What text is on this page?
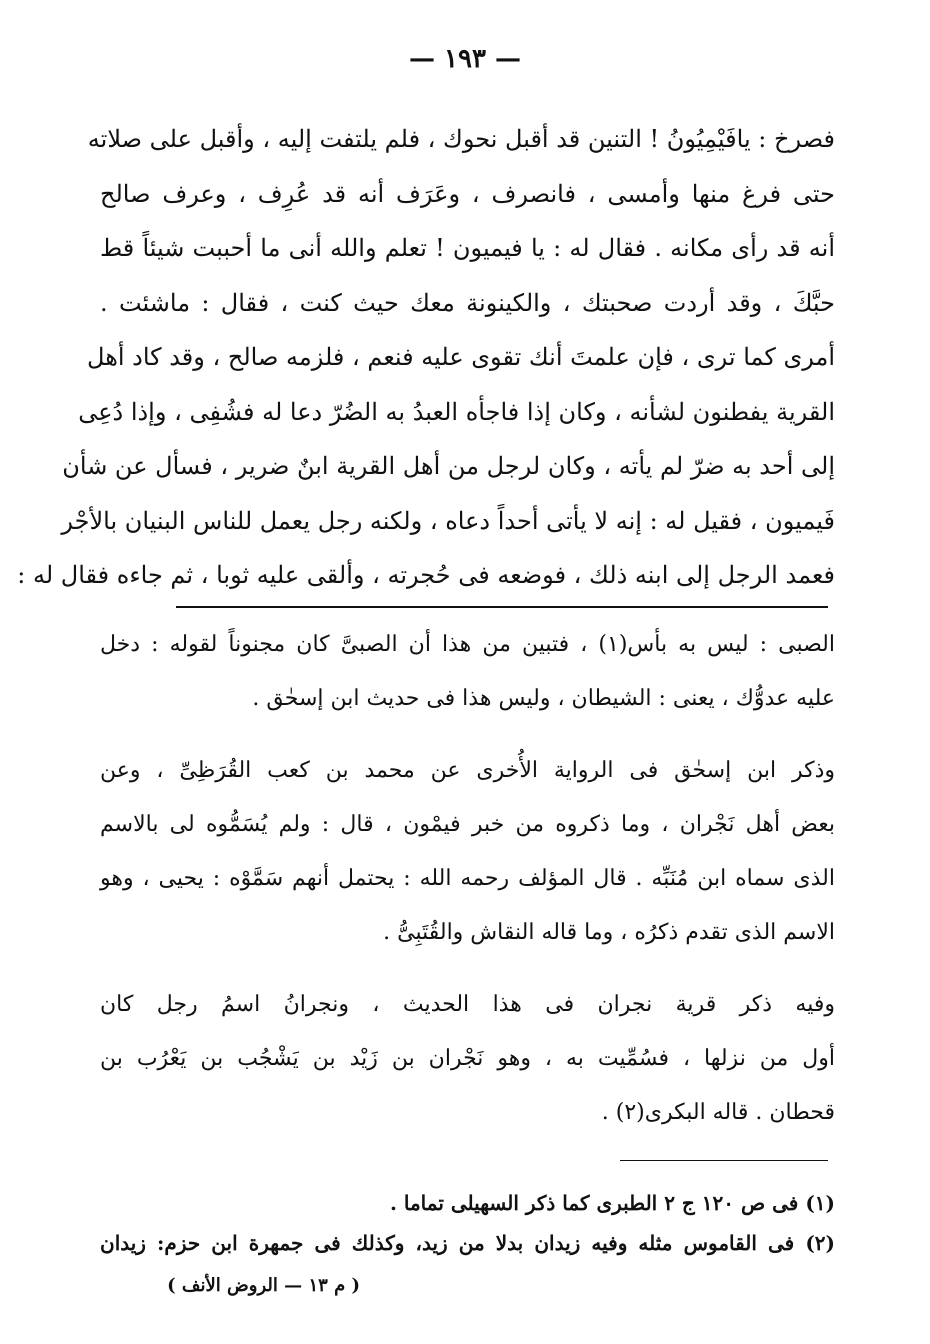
— ١٩٣ —
فصرخ : يافَيْمِيُونُ ! التنين قد أقبل نحوك ، فلم يلتفت إليه ، وأقبل على صلاته
حتى فرغ منها وأمسى ، فانصرف ، وعَرَف أنه قد عُرِف ، وعرف صالح
أنه قد رأى مكانه . فقال له : يا فيميون ! تعلم والله أنى ما أحببت شيئاً قط
حبَّكَ ، وقد أردت صحبتك ، والكينونة معك حيث كنت ، فقال : ماشئت .
أمرى كما ترى ، فإن علمتَ أنك تقوى عليه فنعم ، فلزمه صالح ، وقد كاد أهل
القرية يفطنون لشأنه ، وكان إذا فاجأه العبدُ به الضُرّ دعا له فشُفِى ، وإذا دُعِى
إلى أحد به ضرّ لم يأته ، وكان لرجل من أهل القرية ابنٌ ضرير ، فسأل عن شأن
فَيميون ، فقيل له : إنه لا يأتى أحداً دعاه ، ولكنه رجل يعمل للناس البنيان بالأجْر
فعمد الرجل إلى ابنه ذلك ، فوضعه فى حُجرته ، وألقى عليه ثوبا ، ثم جاءه فقال له :
الصبى : ليس به بأس(١) ، فتبين من هذا أن الصبىَّ كان مجنوناً لقوله : دخل
عليه عدوُّك ، يعنى : الشيطان ، وليس هذا فى حديث ابن إسحٰق .
وذكر ابن إسحٰق فى الرواية الأُخرى عن محمد بن كعب القُرَظِىِّ ، وعن
بعض أهل نَجْران ، وما ذكروه من خبر فيمْون ، قال : ولم يُسَمُّوه لى بالاسم
الذى سماه ابن مُنَبِّه . قال المؤلف رحمه الله : يحتمل أنهم سَمَّوْه : يحيى ، وهو
الاسم الذى تقدم ذكرُه ، وما قاله النقاش والقُتَبِىُّ .
وفيه ذكر قرية نجران فى هذا الحديث ، ونجرانُ اسمُ رجل كان
أول من نزلها ، فسُمِّيت به ، وهو نَجْران بن زَيْد بن يَشْجُب بن يَعْرُب بن
قحطان . قاله البكرى(٢) .
(١) فى ص ١٢٠ ج ٢ الطبرى كما ذكر السهيلى تماما .
(٢) فى القاموس مثله وفيه زيدان بدلا من زيد، وكذلك فى جمهرة ابن حزم: زيدان
( م ١٣ — الروض الأنف )
